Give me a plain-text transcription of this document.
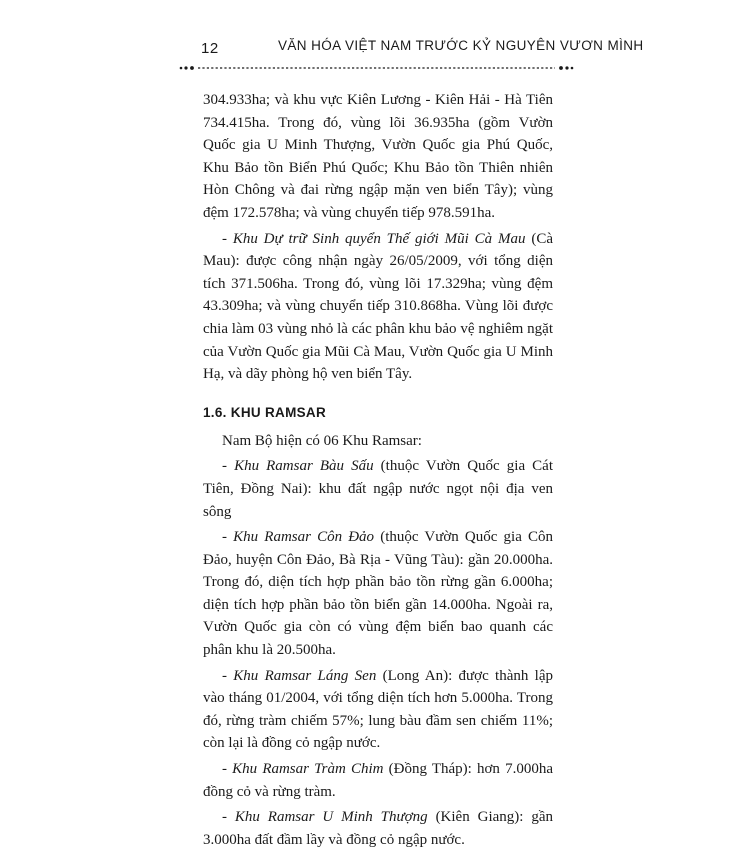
12	VĂN HÓA VIỆT NAM TRƯỚC KỶ NGUYÊN VƯƠN MÌNH

304.933ha; và khu vực Kiên Lương - Kiên Hải - Hà Tiên 734.415ha. Trong đó, vùng lõi 36.935ha (gồm Vườn Quốc gia U Minh Thượng, Vườn Quốc gia Phú Quốc, Khu Bảo tồn Biển Phú Quốc; Khu Bảo tồn Thiên nhiên Hòn Chông và đai rừng ngập mặn ven biển Tây); vùng đệm 172.578ha; và vùng chuyển tiếp 978.591ha.

- Khu Dự trữ Sinh quyển Thế giới Mũi Cà Mau (Cà Mau): được công nhận ngày 26/05/2009, với tổng diện tích 371.506ha. Trong đó, vùng lõi 17.329ha; vùng đệm 43.309ha; và vùng chuyển tiếp 310.868ha. Vùng lõi được chia làm 03 vùng nhỏ là các phân khu bảo vệ nghiêm ngặt của Vườn Quốc gia Mũi Cà Mau, Vườn Quốc gia U Minh Hạ, và dãy phòng hộ ven biển Tây.

1.6. KHU RAMSAR

Nam Bộ hiện có 06 Khu Ramsar:

- Khu Ramsar Bàu Sấu (thuộc Vườn Quốc gia Cát Tiên, Đồng Nai): khu đất ngập nước ngọt nội địa ven sông

- Khu Ramsar Côn Đảo (thuộc Vườn Quốc gia Côn Đảo, huyện Côn Đảo, Bà Rịa - Vũng Tàu): gần 20.000ha. Trong đó, diện tích hợp phần bảo tồn rừng gần 6.000ha; diện tích hợp phần bảo tồn biển gần 14.000ha. Ngoài ra, Vườn Quốc gia còn có vùng đệm biển bao quanh các phân khu là 20.500ha.

- Khu Ramsar Láng Sen (Long An): được thành lập vào tháng 01/2004, với tổng diện tích hơn 5.000ha. Trong đó, rừng tràm chiếm 57%; lung bàu đầm sen chiếm 11%; còn lại là đồng cỏ ngập nước.

- Khu Ramsar Tràm Chim (Đồng Tháp): hơn 7.000ha đồng cỏ và rừng tràm.

- Khu Ramsar U Minh Thượng (Kiên Giang): gần 3.000ha đất đầm lầy và đồng cỏ ngập nước.
